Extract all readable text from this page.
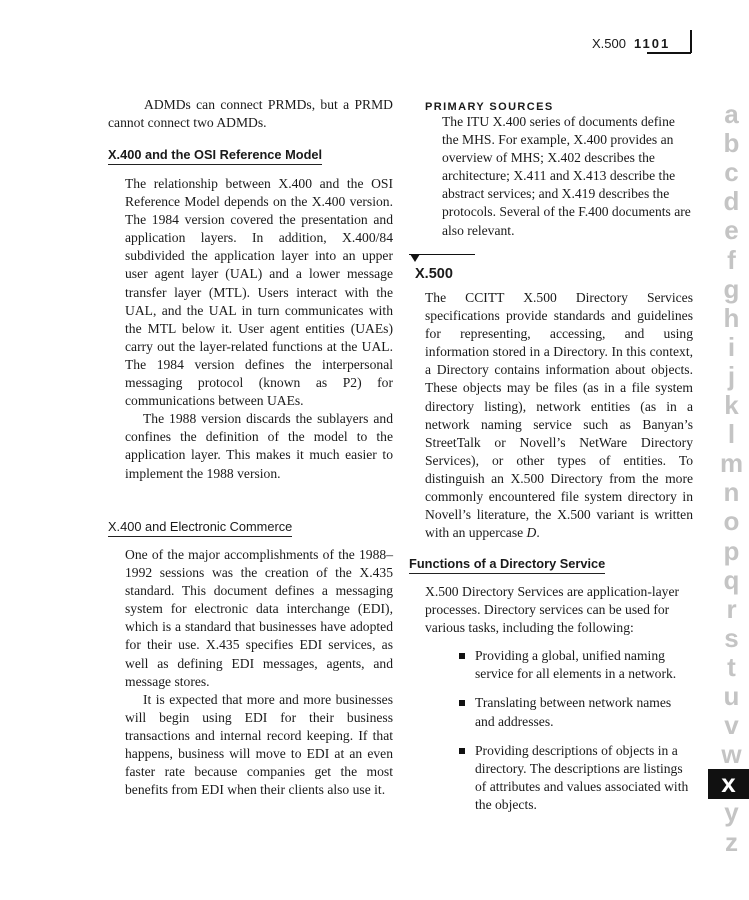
X.500 1101

ADMDs can connect PRMDs, but a PRMD cannot connect two ADMDs.

X.400 and the OSI Reference Model

The relationship between X.400 and the OSI Reference Model depends on the X.400 version. The 1984 version covered the presentation and application layers. In addition, X.400/84 subdivided the application layer into an upper user agent layer (UAL) and a lower message transfer layer (MTL). Users interact with the UAL, and the UAL in turn communicates with the MTL below it. User agent entities (UAEs) carry out the layer-related functions at the UAL. The 1984 version defines the interpersonal messaging protocol (known as P2) for communications between UAEs.

The 1988 version discards the sublayers and confines the definition of the model to the application layer. This makes it much easier to implement the 1988 version.

X.400 and Electronic Commerce

One of the major accomplishments of the 1988–1992 sessions was the creation of the X.435 standard. This document defines a messaging system for electronic data interchange (EDI), which is a standard that businesses have adopted for their use. X.435 specifies EDI services, as well as defining EDI messages, agents, and message stores.

It is expected that more and more businesses will begin using EDI for their business transactions and internal record keeping. If that happens, business will move to EDI at an even faster rate because companies get the most benefits from EDI when their clients also use it.

PRIMARY SOURCES

The ITU X.400 series of documents define the MHS. For example, X.400 provides an overview of MHS; X.402 describes the architecture; X.411 and X.413 describe the abstract services; and X.419 describes the protocols. Several of the F.400 documents are also relevant.

X.500

The CCITT X.500 Directory Services specifications provide standards and guidelines for representing, accessing, and using information stored in a Directory. In this context, a Directory contains information about objects. These objects may be files (as in a file system directory listing), network entities (as in a network naming service such as Banyan’s StreetTalk or Novell’s NetWare Directory Services), or other types of entities. To distinguish an X.500 Directory from the more commonly encountered file system directory in Novell’s literature, the X.500 variant is written with an uppercase D.

Functions of a Directory Service

X.500 Directory Services are application-layer processes. Directory services can be used for various tasks, including the following:

Providing a global, unified naming service for all elements in a network.
Translating between network names and addresses.
Providing descriptions of objects in a directory. The descriptions are listings of attributes and values associated with the objects.
a
b
c
d
e
f
g
h
i
j
k
l
m
n
o
p
q
r
s
t
u
v
w
x
y
z
